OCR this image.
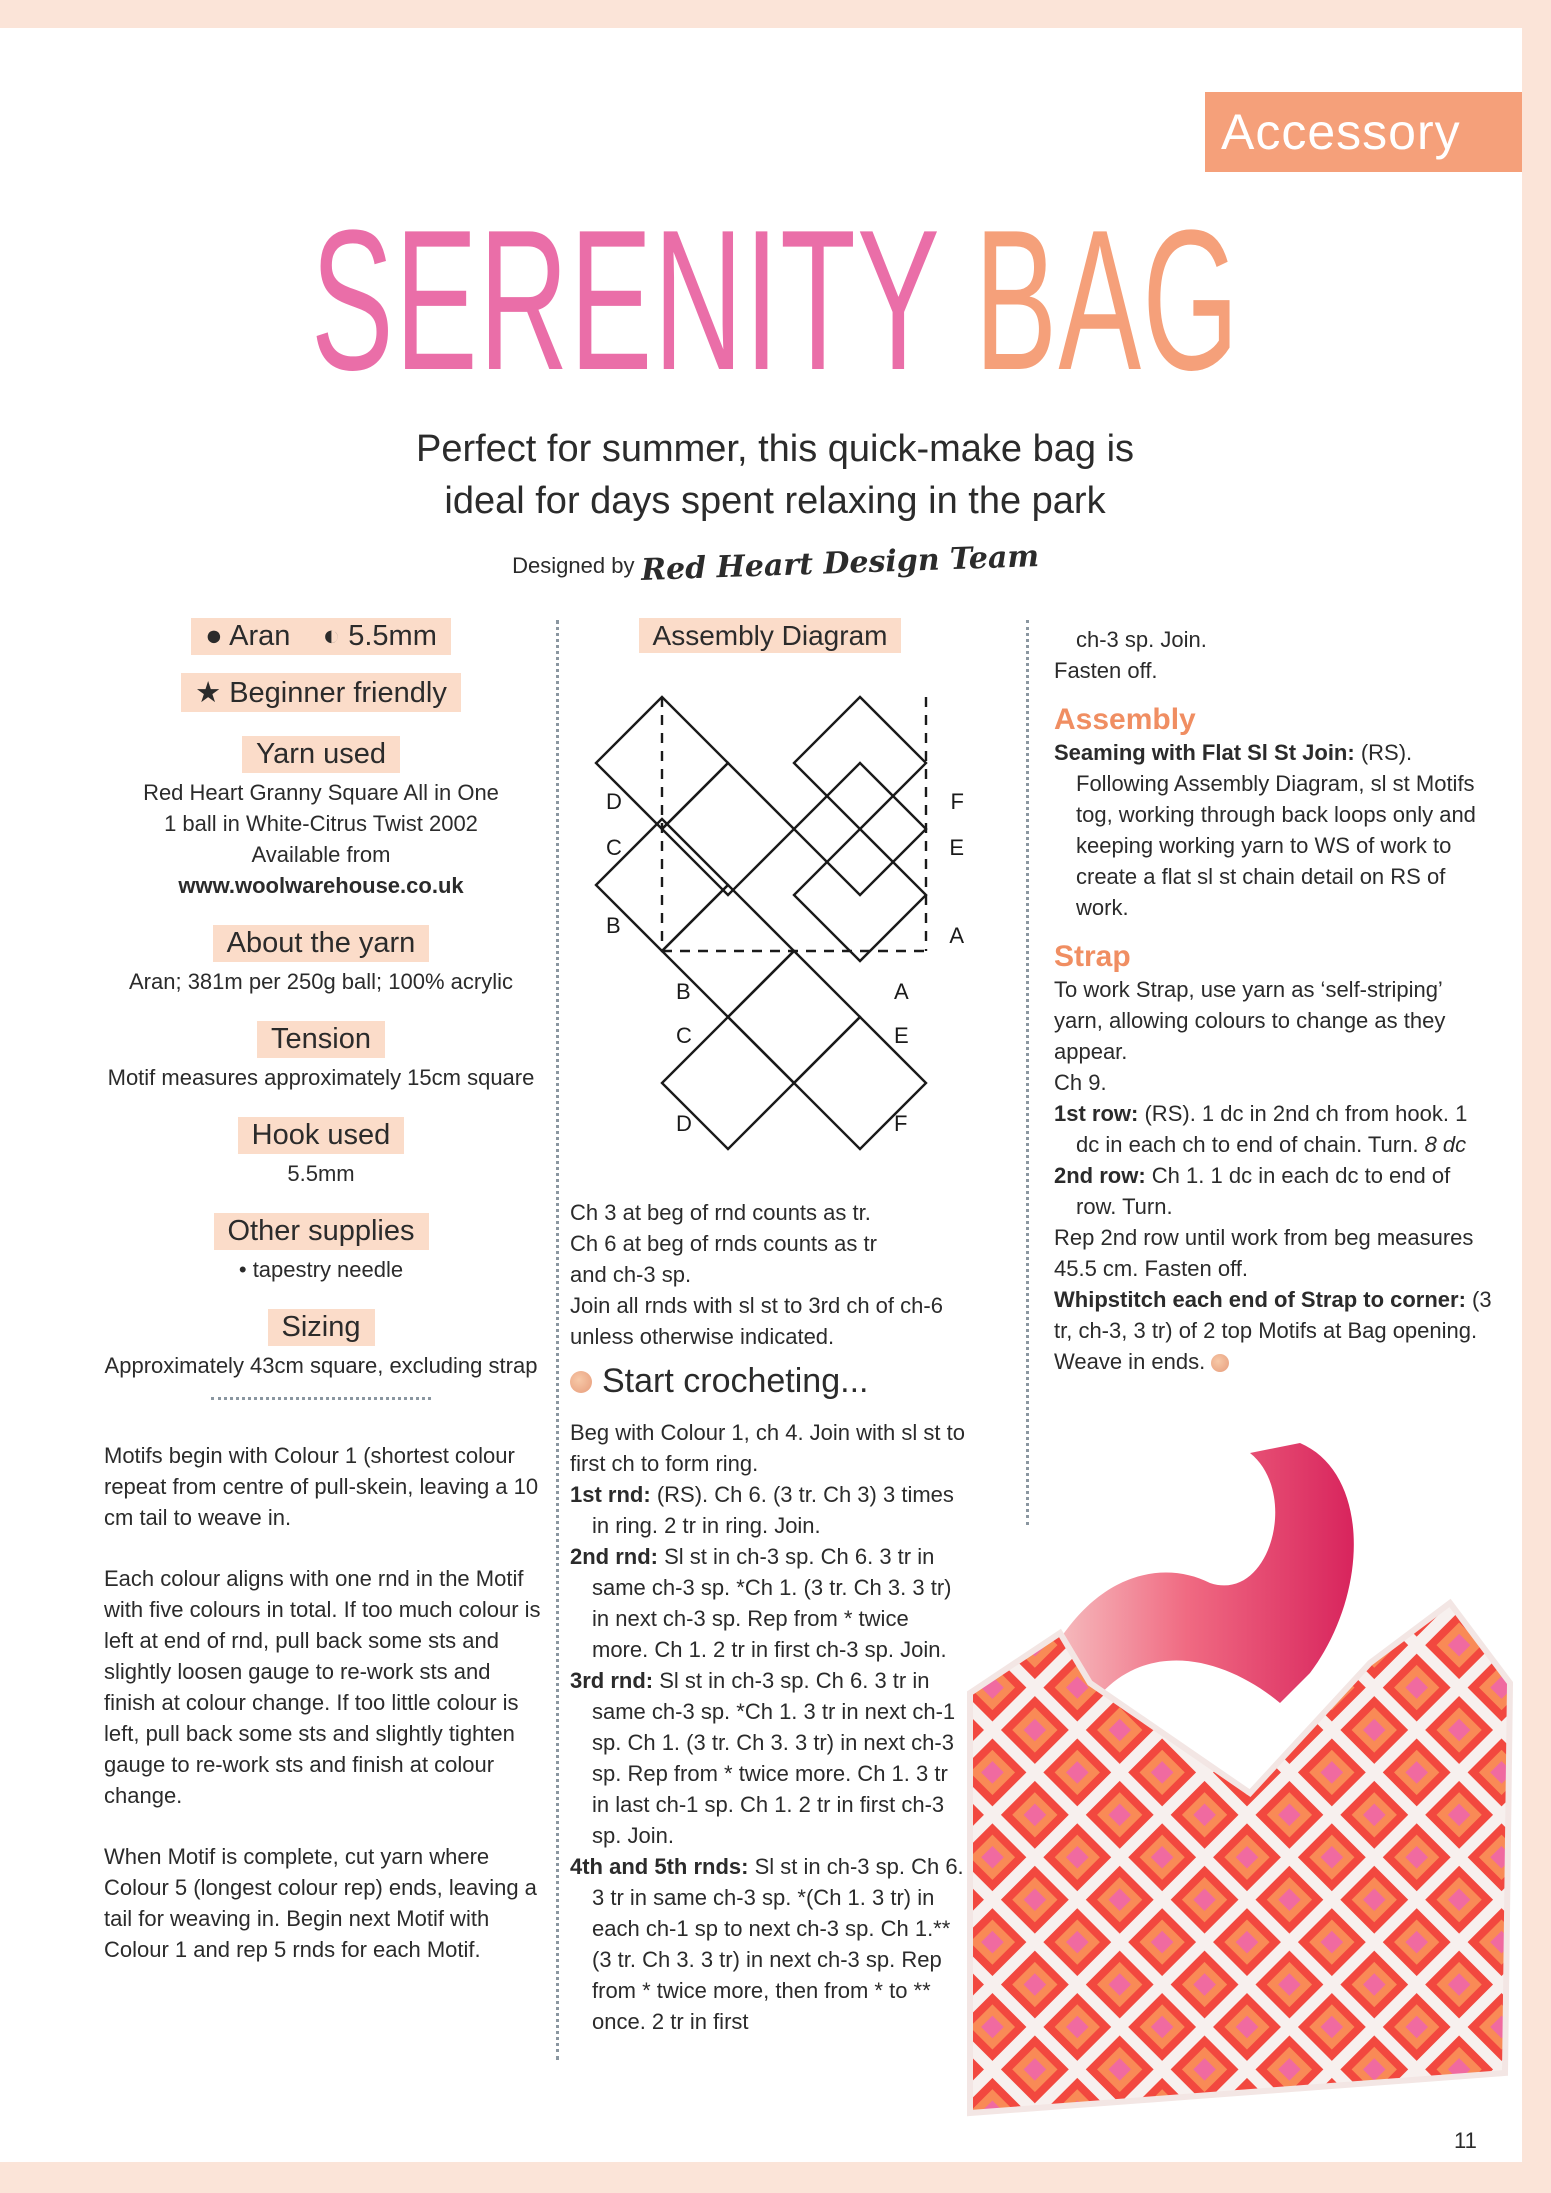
Accessory
SERENITY BAG
Perfect for summer, this quick-make bag is
ideal for days spent relaxing in the park
Designed by Red Heart Design Team
● Aran ◐ 5.5mm
★ Beginner friendly
Yarn used

Red Heart Granny Square All in One

1 ball in White-Citrus Twist 2002

Available from

www.woolwarehouse.co.uk

About the yarn

Aran; 381m per 250g ball; 100% acrylic

Tension

Motif measures approximately 15cm square

Hook used

5.5mm

Other supplies

• tapestry needle

Sizing

Approximately 43cm square, excluding strap

Motifs begin with Colour 1 (shortest colour repeat from centre of pull-skein, leaving a 10 cm tail to weave in.

Each colour aligns with one rnd in the Motif with five colours in total. If too much colour is left at end of rnd, pull back some sts and slightly loosen gauge to re-work sts and finish at colour change. If too little colour is left, pull back some sts and slightly tighten gauge to re-work sts and finish at colour change.

When Motif is complete, cut yarn where Colour 5 (longest colour rep) ends, leaving a tail for weaving in. Begin next Motif with Colour 1 and rep 5 rnds for each Motif.

Assembly Diagram
D
C
B
F
E
A
B
C
D
A
E
F

Ch 3 at beg of rnd counts as tr.

Ch 6 at beg of rnds counts as tr

and ch-3 sp.

Join all rnds with sl st to 3rd ch of ch-6

unless otherwise indicated.

Start crocheting...

Beg with Colour 1, ch 4. Join with sl st to first ch to form ring.

1st rnd: (RS). Ch 6. (3 tr. Ch 3) 3 times in ring. 2 tr in ring. Join.

2nd rnd: Sl st in ch-3 sp. Ch 6. 3 tr in same ch-3 sp. *Ch 1. (3 tr. Ch 3. 3 tr) in next ch-3 sp. Rep from * twice more. Ch 1. 2 tr in first ch-3 sp. Join.

3rd rnd: Sl st in ch-3 sp. Ch 6. 3 tr in same ch-3 sp. *Ch 1. 3 tr in next ch-1 sp. Ch 1. (3 tr. Ch 3. 3 tr) in next ch-3 sp. Rep from * twice more. Ch 1. 3 tr in last ch-1 sp. Ch 1. 2 tr in first ch-3 sp. Join.

4th and 5th rnds: Sl st in ch-3 sp. Ch 6. 3 tr in same ch-3 sp. *(Ch 1. 3 tr) in each ch-1 sp to next ch-3 sp. Ch 1.** (3 tr. Ch 3. 3 tr) in next ch-3 sp. Rep from * twice more, then from * to ** once. 2 tr in first

ch-3 sp. Join.

Fasten off.

Assembly

Seaming with Flat Sl St Join: (RS). Following Assembly Diagram, sl st Motifs tog, working through back loops only and keeping working yarn to WS of work to create a flat sl st chain detail on RS of work.

Strap

To work Strap, use yarn as ‘self-striping’ yarn, allowing colours to change as they appear.

Ch 9.

1st row: (RS). 1 dc in 2nd ch from hook. 1 dc in each ch to end of chain. Turn. 8 dc

2nd row: Ch 1. 1 dc in each dc to end of row. Turn.

Rep 2nd row until work from beg measures 45.5 cm. Fasten off.

Whipstitch each end of Strap to corner: (3 tr, ch-3, 3 tr) of 2 top Motifs at Bag opening. Weave in ends.

11
